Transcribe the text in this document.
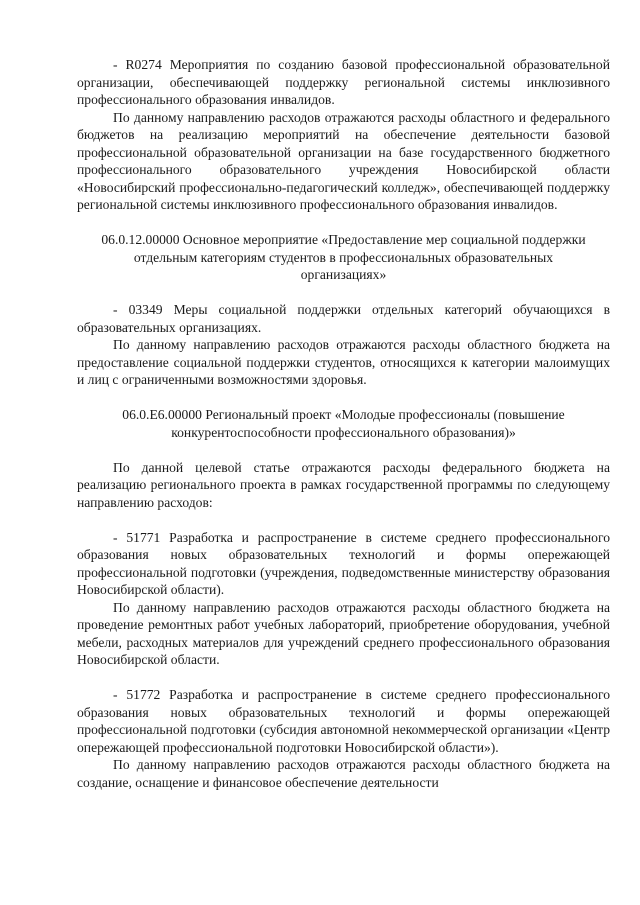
- R0274 Мероприятия по созданию базовой профессиональной образовательной организации, обеспечивающей поддержку региональной системы инклюзивного профессионального образования инвалидов.

По данному направлению расходов отражаются расходы областного и федерального бюджетов на реализацию мероприятий на обеспечение деятельности базовой профессиональной образовательной организации на базе государственного бюджетного профессионального образовательного учреждения Новосибирской области «Новосибирский профессионально-педагогический колледж», обеспечивающей поддержку региональной системы инклюзивного профессионального образования инвалидов.

06.0.12.00000 Основное мероприятие «Предоставление мер социальной поддержки отдельным категориям студентов в профессиональных образовательных организациях»

- 03349 Меры социальной поддержки отдельных категорий обучающихся в образовательных организациях.

По данному направлению расходов отражаются расходы областного бюджета на предоставление социальной поддержки студентов, относящихся к категории малоимущих и лиц с ограниченными возможностями здоровья.

06.0.E6.00000 Региональный проект «Молодые профессионалы (повышение конкурентоспособности профессионального образования)»

По данной целевой статье отражаются расходы федерального бюджета на реализацию регионального проекта в рамках государственной программы по следующему направлению расходов:

- 51771 Разработка и распространение в системе среднего профессионального образования новых образовательных технологий и формы опережающей профессиональной подготовки (учреждения, подведомственные министерству образования Новосибирской области).

По данному направлению расходов отражаются расходы областного бюджета на проведение ремонтных работ учебных лабораторий, приобретение оборудования, учебной мебели, расходных материалов для учреждений среднего профессионального образования Новосибирской области.

- 51772 Разработка и распространение в системе среднего профессионального образования новых образовательных технологий и формы опережающей профессиональной подготовки (субсидия автономной некоммерческой организации «Центр опережающей профессиональной подготовки Новосибирской области»).

По данному направлению расходов отражаются расходы областного бюджета на создание, оснащение и финансовое обеспечение деятельности
